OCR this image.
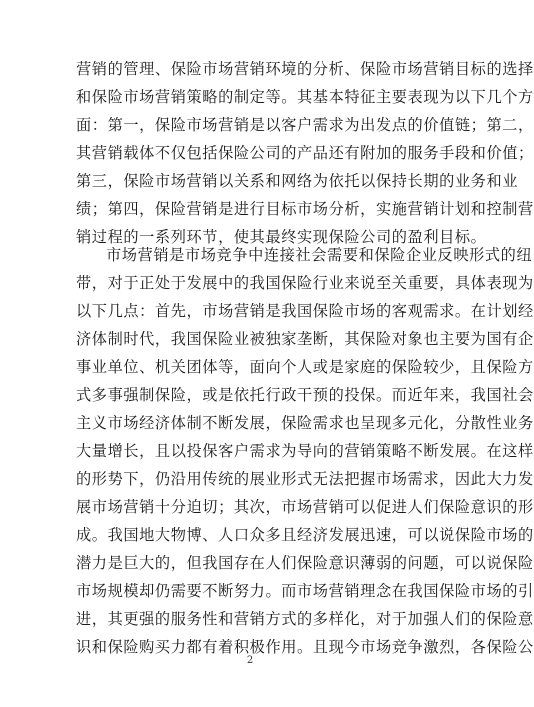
营销的管理、保险市场营销环境的分析、保险市场营销目标的选择
和保险市场营销策略的制定等。其基本特征主要表现为以下几个方
面：第一，保险市场营销是以客户需求为出发点的价值链；第二，
其营销载体不仅包括保险公司的产品还有附加的服务手段和价值；
第三，保险市场营销以关系和网络为依托以保持长期的业务和业
绩；第四，保险营销是进行目标市场分析，实施营销计划和控制营
销过程的一系列环节，使其最终实现保险公司的盈利目标。
市场营销是市场竞争中连接社会需要和保险企业反映形式的纽
带，对于正处于发展中的我国保险行业来说至关重要，具体表现为
以下几点：首先，市场营销是我国保险市场的客观需求。在计划经
济体制时代，我国保险业被独家垄断，其保险对象也主要为国有企
事业单位、机关团体等，面向个人或是家庭的保险较少，且保险方
式多事强制保险，或是依托行政干预的投保。而近年来，我国社会
主义市场经济体制不断发展，保险需求也呈现多元化，分散性业务
大量增长，且以投保客户需求为导向的营销策略不断发展。在这样
的形势下，仍沿用传统的展业形式无法把握市场需求，因此大力发
展市场营销十分迫切；其次，市场营销可以促进人们保险意识的形
成。我国地大物博、人口众多且经济发展迅速，可以说保险市场的
潜力是巨大的，但我国存在人们保险意识薄弱的问题，可以说保险
市场规模却仍需要不断努力。而市场营销理念在我国保险市场的引
进，其更强的服务性和营销方式的多样化，对于加强人们的保险意
识和保险购买力都有着积极作用。且现今市场竞争激烈，各保险公
2
